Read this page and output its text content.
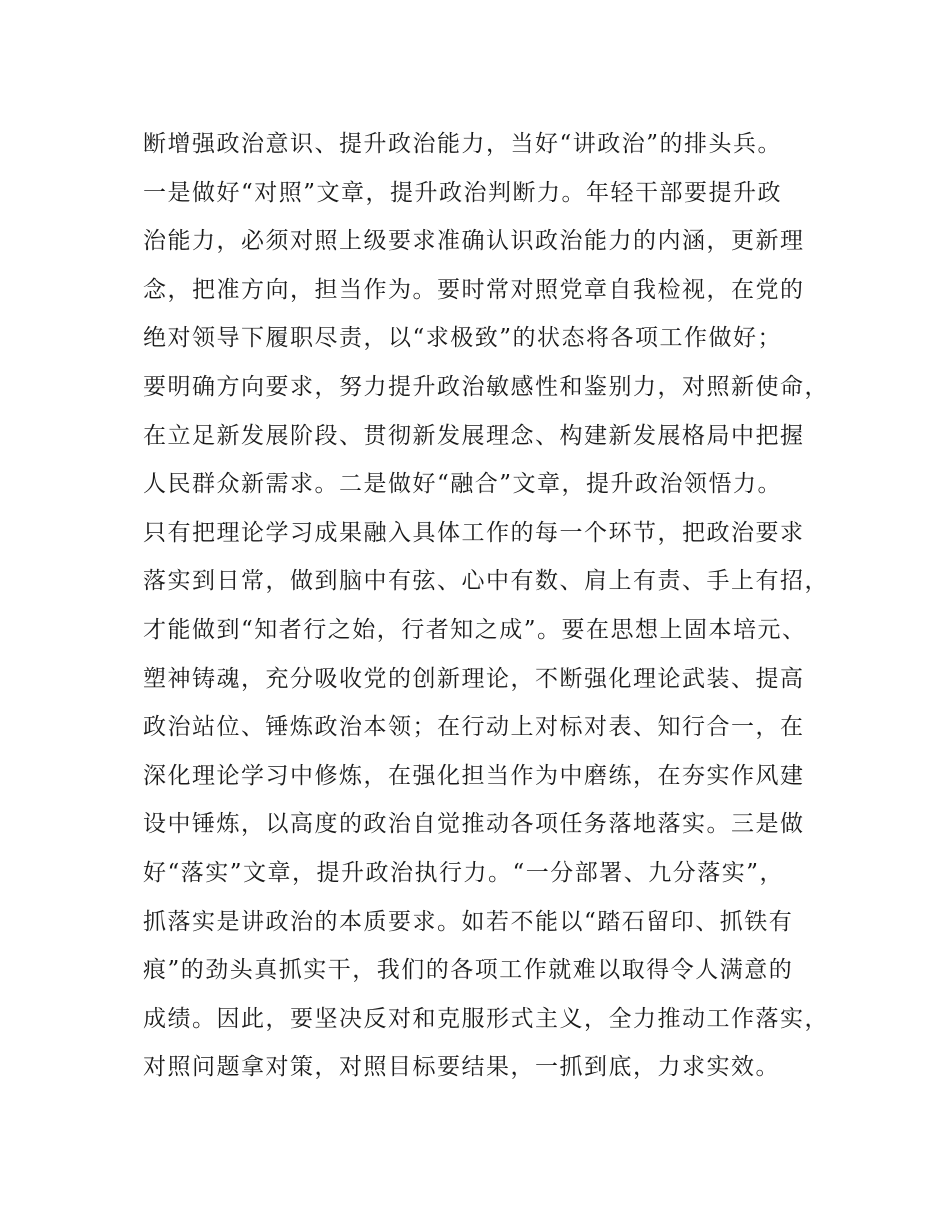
断增强政治意识、提升政治能力，当好“讲政治”的排头兵。
一是做好“对照”文章，提升政治判断力。年轻干部要提升政
治能力，必须对照上级要求准确认识政治能力的内涵，更新理
念，把准方向，担当作为。要时常对照党章自我检视，在党的
绝对领导下履职尽责，以“求极致”的状态将各项工作做好；
要明确方向要求，努力提升政治敏感性和鉴别力，对照新使命，
在立足新发展阶段、贯彻新发展理念、构建新发展格局中把握
人民群众新需求。二是做好“融合”文章，提升政治领悟力。
只有把理论学习成果融入具体工作的每一个环节，把政治要求
落实到日常，做到脑中有弦、心中有数、肩上有责、手上有招，
才能做到“知者行之始，行者知之成”。要在思想上固本培元、
塑神铸魂，充分吸收党的创新理论，不断强化理论武装、提高
政治站位、锤炼政治本领；在行动上对标对表、知行合一，在
深化理论学习中修炼，在强化担当作为中磨练，在夯实作风建
设中锤炼，以高度的政治自觉推动各项任务落地落实。三是做
好“落实”文章，提升政治执行力。“一分部署、九分落实”，
抓落实是讲政治的本质要求。如若不能以“踏石留印、抓铁有
痕”的劲头真抓实干，我们的各项工作就难以取得令人满意的
成绩。因此，要坚决反对和克服形式主义，全力推动工作落实，
对照问题拿对策，对照目标要结果，一抓到底，力求实效。
